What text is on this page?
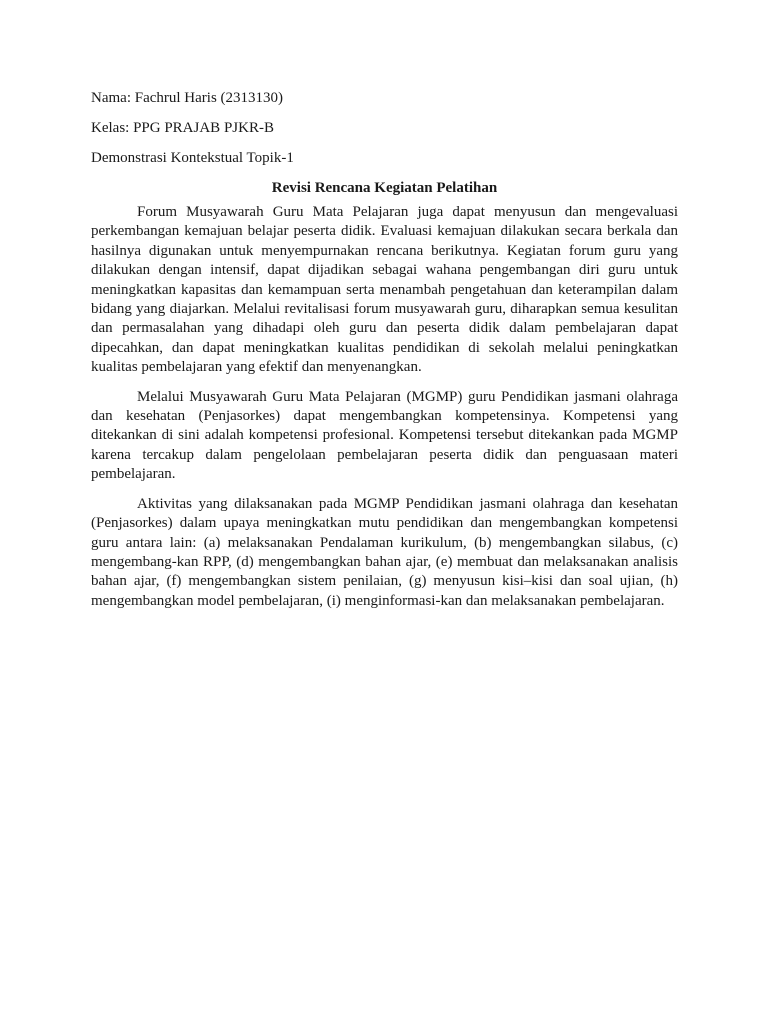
Nama: Fachrul Haris (2313130)

Kelas: PPG PRAJAB PJKR-B

Demonstrasi Kontekstual Topik-1

Revisi Rencana Kegiatan Pelatihan

Forum Musyawarah Guru Mata Pelajaran juga dapat menyusun dan mengevaluasi perkembangan kemajuan belajar peserta didik. Evaluasi kemajuan dilakukan secara berkala dan hasilnya digunakan untuk menyempurnakan rencana berikutnya. Kegiatan forum guru yang dilakukan dengan intensif, dapat dijadikan sebagai wahana pengembangan diri guru untuk meningkatkan kapasitas dan kemampuan serta menambah pengetahuan dan keterampilan dalam bidang yang diajarkan. Melalui revitalisasi forum musyawarah guru, diharapkan semua kesulitan dan permasalahan yang dihadapi oleh guru dan peserta didik dalam pembelajaran dapat dipecahkan, dan dapat meningkatkan kualitas pendidikan di sekolah melalui peningkatkan kualitas pembelajaran yang efektif dan menyenangkan.

Melalui Musyawarah Guru Mata Pelajaran (MGMP) guru Pendidikan jasmani olahraga dan kesehatan (Penjasorkes) dapat mengembangkan kompetensinya. Kompetensi yang ditekankan di sini adalah kompetensi profesional. Kompetensi tersebut ditekankan pada MGMP karena tercakup dalam pengelolaan pembelajaran peserta didik dan penguasaan materi pembelajaran.

Aktivitas yang dilaksanakan pada MGMP Pendidikan jasmani olahraga dan kesehatan (Penjasorkes) dalam upaya meningkatkan mutu pendidikan dan mengembangkan kompetensi guru antara lain: (a) melaksanakan Pendalaman kurikulum, (b) mengembangkan silabus, (c) mengembang-kan RPP, (d) mengembangkan bahan ajar, (e) membuat dan melaksanakan analisis bahan ajar, (f) mengembangkan sistem penilaian, (g) menyusun kisi–kisi dan soal ujian, (h) mengembangkan model pembelajaran, (i) menginformasi-kan dan melaksanakan pembelajaran.
